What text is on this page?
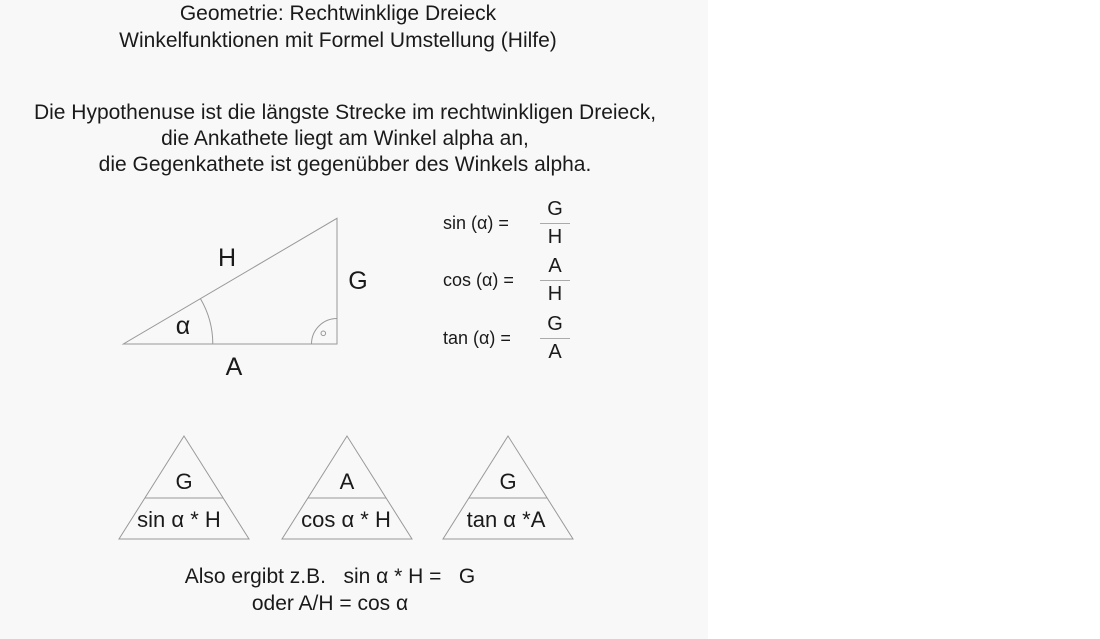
Geometrie: Rechtwinklige Dreieck
Winkelfunktionen mit Formel Umstellung (Hilfe)
Die Hypothenuse ist die längste Strecke im rechtwinkligen Dreieck,
die Ankathete liegt am Winkel alpha an,
die Gegenkathete ist gegenübber des Winkels alpha.
H
G
α
A
sin (α) =
G
H
cos (α) =
A
H
tan (α) =
G
A
G
sin α * H
A
cos α * H
G
tan α *A
Also ergibt z.B.   sin α * H =   G
oder A/H = cos α
